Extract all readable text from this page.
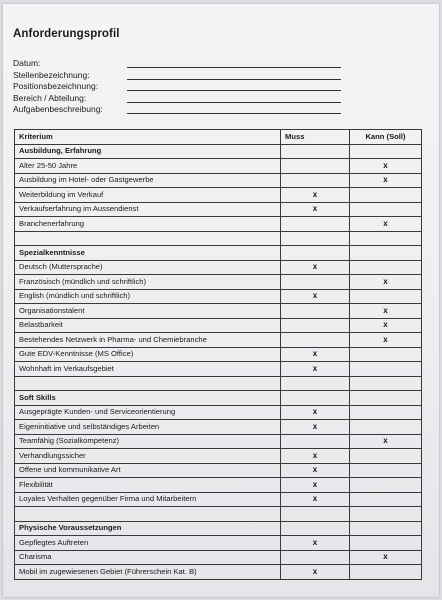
Anforderungsprofil
Datum:
Stellenbezeichnung:
Positionsbezeichnung:
Bereich / Abteilung:
Aufgabenbeschreibung:
Kriterium	Muss	Kann (Soll)
Ausbildung, Erfahrung		
Alter 25-50 Jahre		x
Ausbildung im Hotel- oder Gastgewerbe		x
Weiterbildung im Verkauf	x	
Verkaufserfahrung im Aussendienst	x	
Branchenerfahrung		x

Spezialkenntnisse		
Deutsch (Muttersprache)	x	
Französisch (mündlich und schriftlich)		x
English (mündlich und schriftlich)	x	
Organisationstalent		x
Belastbarkeit		x
Bestehendes Netzwerk in Pharma- und Chemiebranche		x
Gute EDV-Kenntnisse (MS Office)	x	
Wohnhaft im Verkaufsgebiet	x	

Soft Skills		
Ausgeprägte Kunden- und Serviceorientierung	x	
Eigeninitiative und selbständiges Arbeiten	x	
Teamfähig (Sozialkompetenz)		x
Verhandlungssicher	x	
Offene und kommunikative Art	x	
Flexibilität	x	
Loyales Verhalten gegenüber Firma und Mitarbeitern	x	

Physische Voraussetzungen		
Gepflegtes Auftreten	x	
Charisma		x
Mobil im zugewiesenen Gebiet (Führerschein Kat. B)	x	
